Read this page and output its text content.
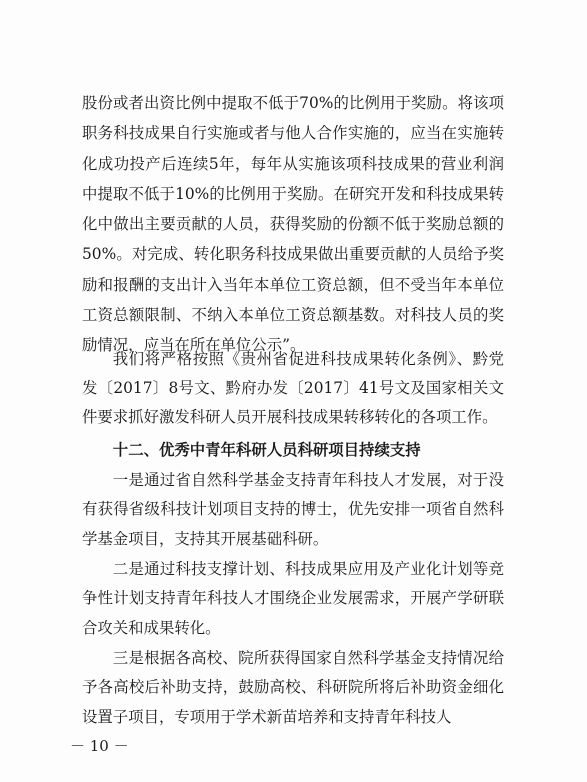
股份或者出资比例中提取不低于70%的比例用于奖励。将该项职务科技成果自行实施或者与他人合作实施的，应当在实施转化成功投产后连续5年，每年从实施该项科技成果的营业利润中提取不低于10%的比例用于奖励。在研究开发和科技成果转化中做出主要贡献的人员，获得奖励的份额不低于奖励总额的50%。对完成、转化职务科技成果做出重要贡献的人员给予奖励和报酬的支出计入当年本单位工资总额，但不受当年本单位工资总额限制、不纳入本单位工资总额基数。对科技人员的奖励情况，应当在所在单位公示”。

我们将严格按照《贵州省促进科技成果转化条例》、黔党发〔2017〕8号文、黔府办发〔2017〕41号文及国家相关文件要求抓好激发科研人员开展科技成果转移转化的各项工作。

十二、优秀中青年科研人员科研项目持续支持

一是通过省自然科学基金支持青年科技人才发展，对于没有获得省级科技计划项目支持的博士，优先安排一项省自然科学基金项目，支持其开展基础科研。

二是通过科技支撑计划、科技成果应用及产业化计划等竞争性计划支持青年科技人才围绕企业发展需求，开展产学研联合攻关和成果转化。

三是根据各高校、院所获得国家自然科学基金支持情况给予各高校后补助支持，鼓励高校、科研院所将后补助资金细化设置子项目，专项用于学术新苗培养和支持青年科技人

－ 10 －
